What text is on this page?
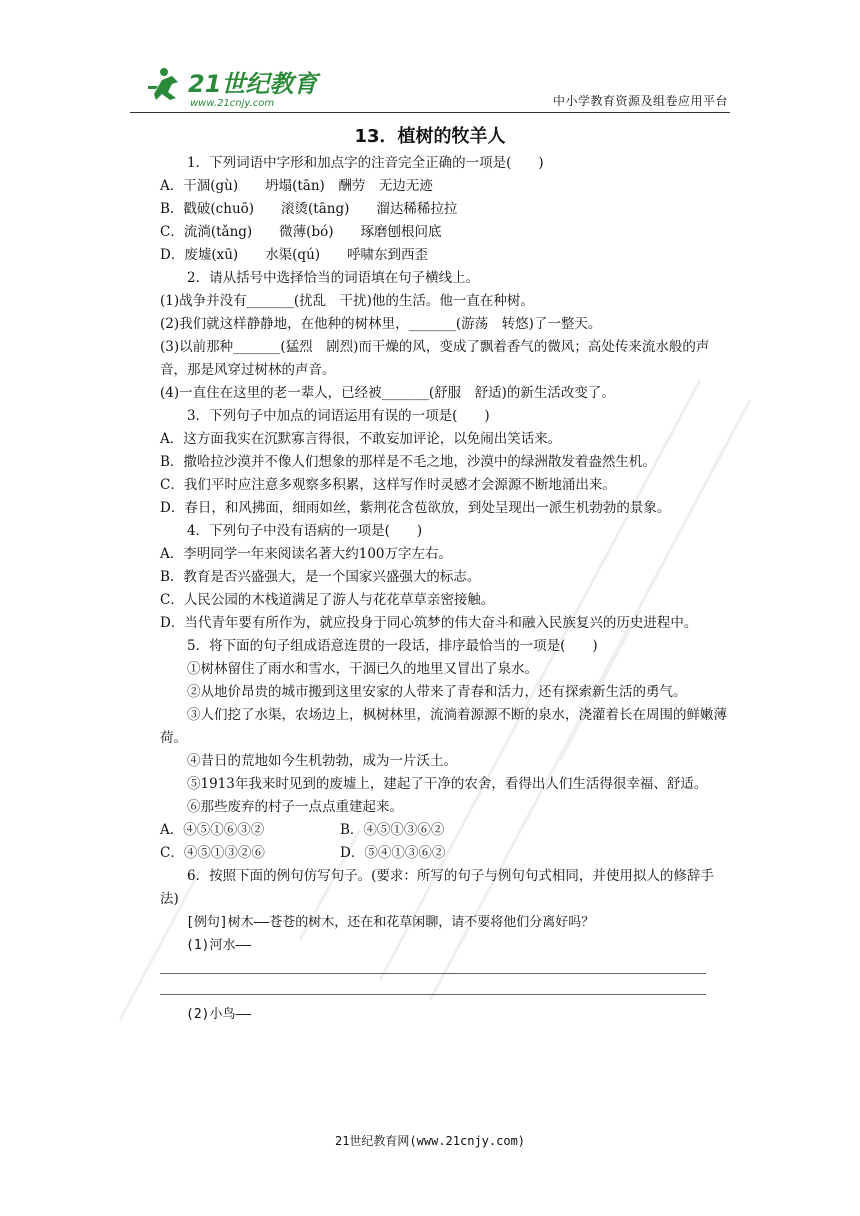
21世纪教育
www.21cnjy.com	中小学教育资源及组卷应用平台
13．植树的牧羊人

1．下列词语中字形和加点字的注音完全正确的一项是(　　)

A．干涸(gù)　　坍塌(tān)　酬劳　无边无迹

B．戳破(chuō)　　滚烫(tāng)　　溜达稀稀拉拉

C．流淌(tǎng)　　微薄(bó)　　琢磨刨根问底

D．废墟(xū)　　水渠(qú)　　呼啸东到西歪

2．请从括号中选择恰当的词语填在句子横线上。

(1)战争并没有_______(扰乱　干扰)他的生活。他一直在种树。

(2)我们就这样静静地，在他种的树林里，_______(游荡　转悠)了一整天。

(3)以前那种_______(猛烈　剧烈)而干燥的风，变成了飘着香气的微风；高处传来流水般的声音，那是风穿过树林的声音。

(4)一直住在这里的老一辈人，已经被_______(舒服　舒适)的新生活改变了。

3．下列句子中加点的词语运用有误的一项是(　　)

A．这方面我实在沉默寡言得很，不敢妄加评论，以免闹出笑话来。

B．撒哈拉沙漠并不像人们想象的那样是不毛之地，沙漠中的绿洲散发着盎然生机。

C．我们平时应注意多观察多积累，这样写作时灵感才会源源不断地涌出来。

D．春日，和风拂面，细雨如丝，紫荆花含苞欲放，到处呈现出一派生机勃勃的景象。

4．下列句子中没有语病的一项是(　　)

A．李明同学一年来阅读名著大约100万字左右。

B．教育是否兴盛强大，是一个国家兴盛强大的标志。

C．人民公园的木栈道满足了游人与花花草草亲密接触。

D．当代青年要有所作为，就应投身于同心筑梦的伟大奋斗和融入民族复兴的历史进程中。

5．将下面的句子组成语意连贯的一段话，排序最恰当的一项是(　　)

①树林留住了雨水和雪水，干涸已久的地里又冒出了泉水。

②从地价昂贵的城市搬到这里安家的人带来了青春和活力，还有探索新生活的勇气。

③人们挖了水渠，农场边上，枫树林里，流淌着源源不断的泉水，浇灌着长在周围的鲜嫩薄荷。

④昔日的荒地如今生机勃勃，成为一片沃土。

⑤1913年我来时见到的废墟上，建起了干净的农舍，看得出人们生活得很幸福、舒适。

⑥那些废弃的村子一点点重建起来。

A．④⑤①⑥③②	B．④⑤①③⑥②
C．④⑤①③②⑥	D．⑤④①③⑥②

6．按照下面的例句仿写句子。(要求：所写的句子与例句句式相同，并使用拟人的修辞手法)

[例句]树木——苍苍的树木，还在和花草闲聊，请不要将他们分离好吗？

(1)河水——

(2)小鸟——

21世纪教育网(www.21cnjy.com)
